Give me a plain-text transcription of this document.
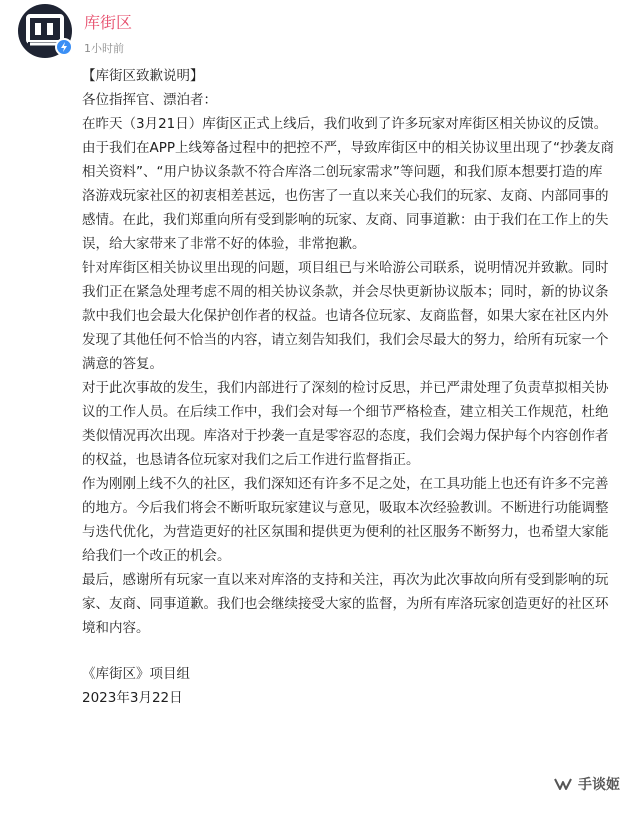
库街区
1小时前

【库街区致歉说明】

各位指挥官、漂泊者：

在昨天（3月21日）库街区正式上线后，我们收到了许多玩家对库街区相关协议的反馈。由于我们在APP上线筹备过程中的把控不严，导致库街区中的相关协议里出现了“抄袭友商相关资料”、“用户协议条款不符合库洛二创玩家需求”等问题，和我们原本想要打造的库洛游戏玩家社区的初衷相差甚远，也伤害了一直以来关心我们的玩家、友商、内部同事的感情。在此，我们郑重向所有受到影响的玩家、友商、同事道歉：由于我们在工作上的失误，给大家带来了非常不好的体验，非常抱歉。

针对库街区相关协议里出现的问题，项目组已与米哈游公司联系，说明情况并致歉。同时我们正在紧急处理考虑不周的相关协议条款，并会尽快更新协议版本；同时，新的协议条款中我们也会最大化保护创作者的权益。也请各位玩家、友商监督，如果大家在社区内外发现了其他任何不恰当的内容，请立刻告知我们，我们会尽最大的努力，给所有玩家一个满意的答复。

对于此次事故的发生，我们内部进行了深刻的检讨反思，并已严肃处理了负责草拟相关协议的工作人员。在后续工作中，我们会对每一个细节严格检查，建立相关工作规范，杜绝类似情况再次出现。库洛对于抄袭一直是零容忍的态度，我们会竭力保护每个内容创作者的权益，也恳请各位玩家对我们之后工作进行监督指正。

作为刚刚上线不久的社区，我们深知还有许多不足之处，在工具功能上也还有许多不完善的地方。今后我们将会不断听取玩家建议与意见，吸取本次经验教训。不断进行功能调整与迭代优化，为营造更好的社区氛围和提供更为便利的社区服务不断努力，也希望大家能给我们一个改正的机会。

最后，感谢所有玩家一直以来对库洛的支持和关注，再次为此次事故向所有受到影响的玩家、友商、同事道歉。我们也会继续接受大家的监督，为所有库洛玩家创造更好的社区环境和内容。

《库街区》项目组

2023年3月22日

手谈姬
